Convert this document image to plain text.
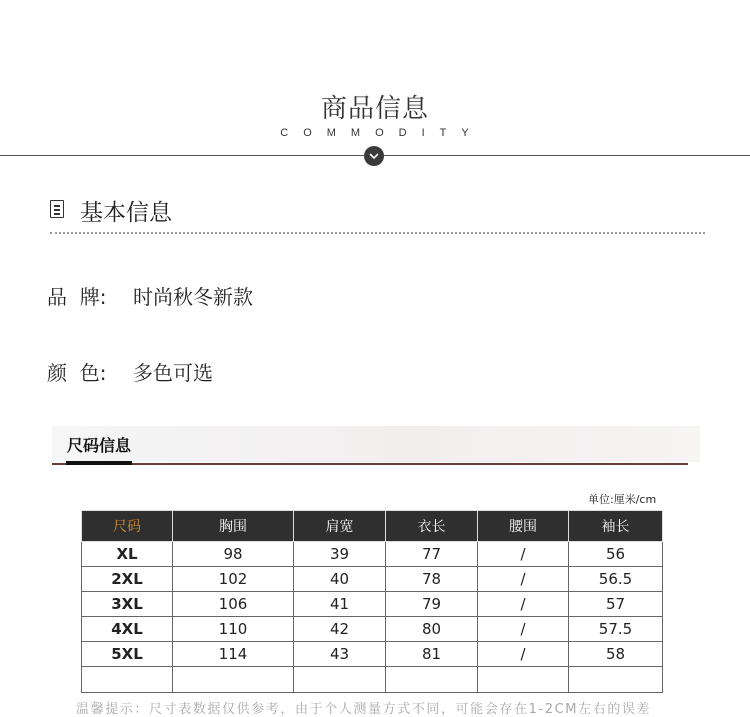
商品信息
COMMODITY
基本信息
品  牌: 时尚秋冬新款
颜  色: 多色可选
尺码信息
单位:厘米/cm
尺码	胸围	肩宽	衣长	腰围	袖长
XL	98	39	77	/	56
2XL	102	40	78	/	56.5
3XL	106	41	79	/	57
4XL	110	42	80	/	57.5
5XL	114	43	81	/	58

温馨提示：尺寸表数据仅供参考，由于个人测量方式不同，可能会存在1-2CM左右的误差
